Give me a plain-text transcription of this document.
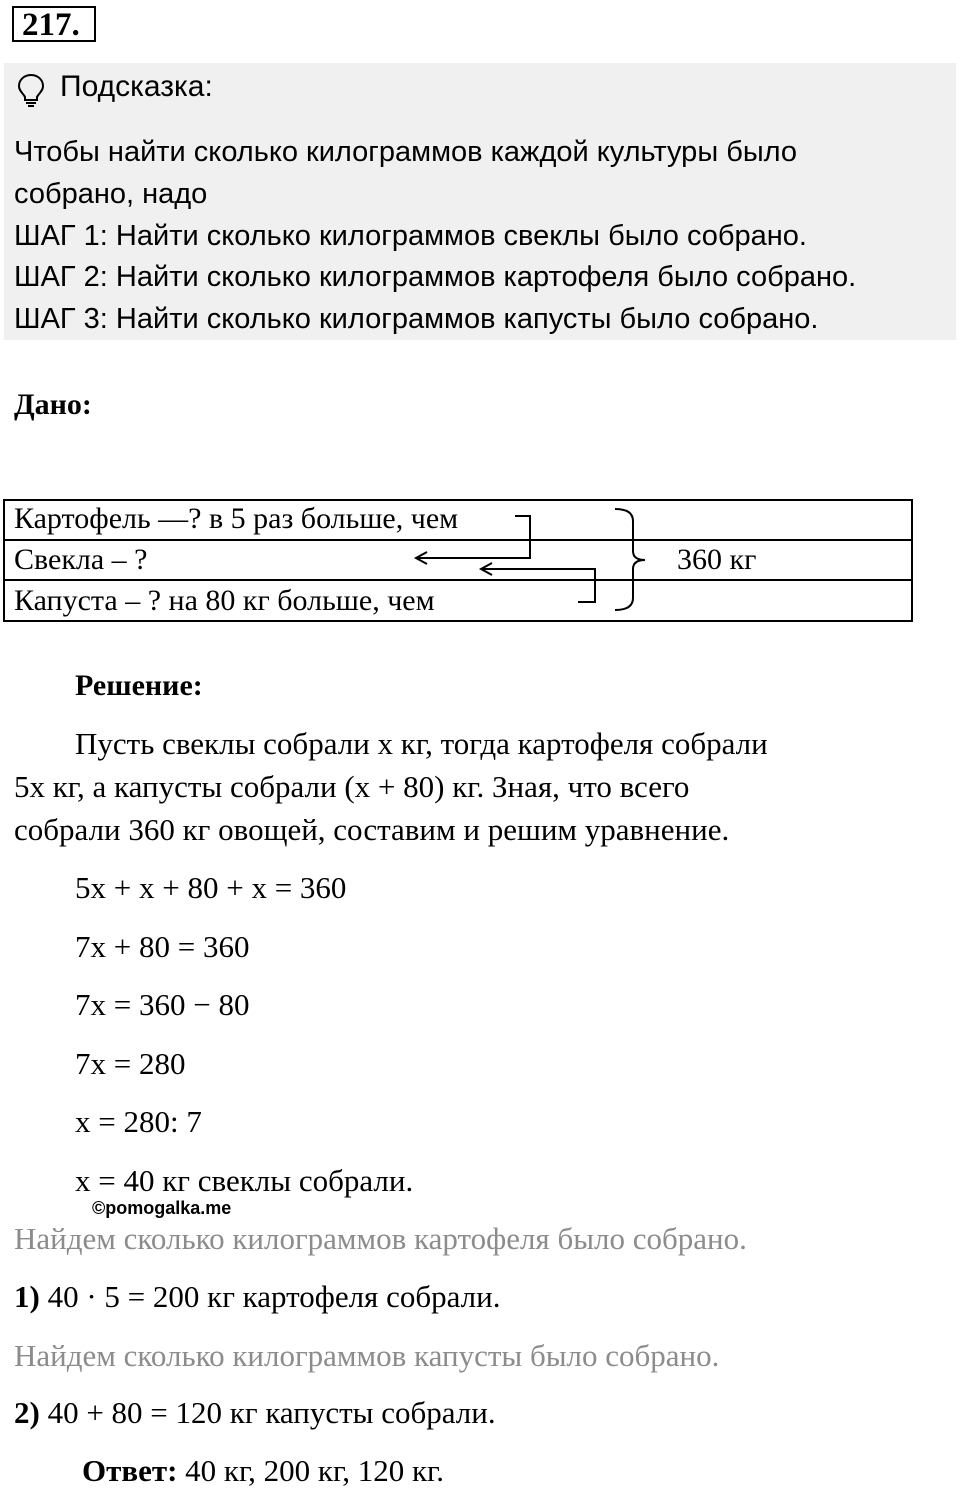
217.
Подсказка:
Чтобы найти сколько килограммов каждой культуры было
собрано, надо
ШАГ 1: Найти сколько килограммов свеклы было собрано.
ШАГ 2: Найти сколько килограммов картофеля было собрано.
ШАГ 3: Найти сколько килограммов капусты было собрано.
Дано:
Картофель —? в 5 раз больше, чем
Свекла – ?
Капуста – ? на 80 кг больше, чем
360 кг
Решение:
Пусть свеклы собрали x кг, тогда картофеля собрали
5x кг, а капусты собрали (x + 80) кг. Зная, что всего
собрали 360 кг овощей, составим и решим уравнение.
5x + x + 80 + x = 360
7x + 80 = 360
7x = 360 − 80
7x = 280
x = 280: 7
x = 40 кг свеклы собрали.
©pomogalka.me
Найдем сколько килограммов картофеля было собрано.
1) 40 · 5 = 200 кг картофеля собрали.
Найдем сколько килограммов капусты было собрано.
2) 40 + 80 = 120 кг капусты собрали.
Ответ: 40 кг, 200 кг, 120 кг.
